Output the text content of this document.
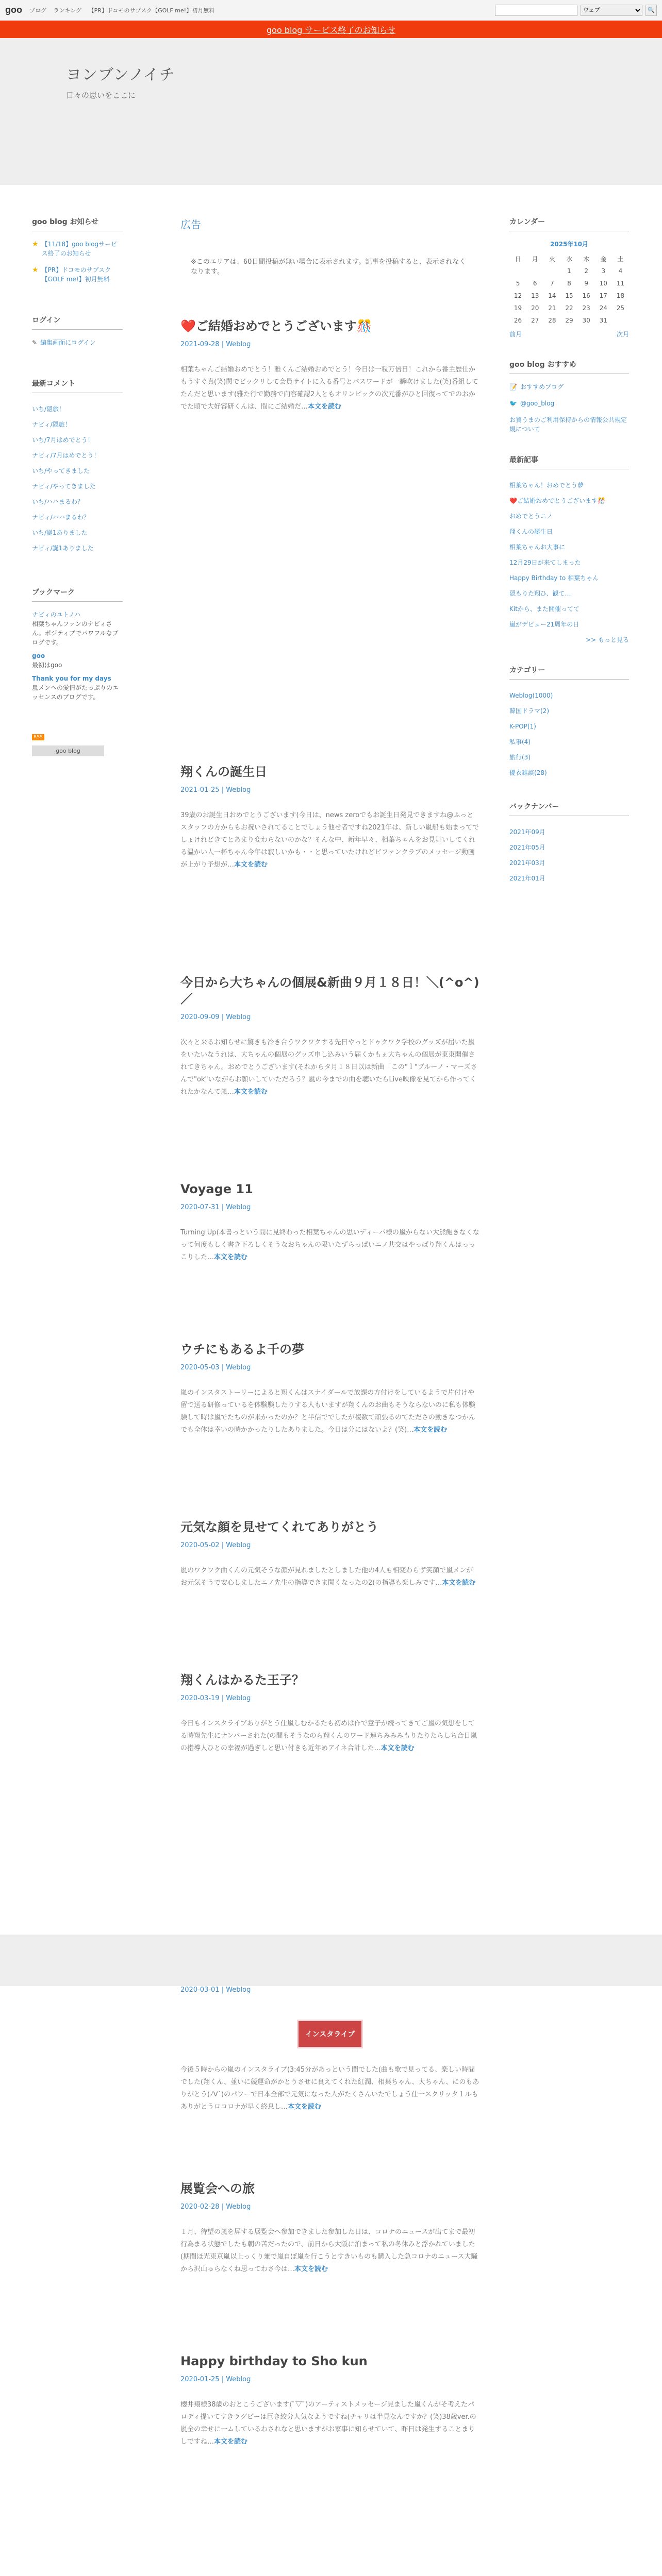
goo ブログ ランキング 【PR】ドコモのサブスク【GOLF me!】初月無料
ウェブ	🔍
goo blog サービス終了のお知らせ
ヨンブンノイチ
日々の思いをここに
goo blog お知らせ
★ 【11/18】goo blogサービス終了のお知らせ
★ 【PR】ドコモのサブスク【GOLF me!】初月無料
ログイン
✎ 編集画面にログイン
最新コメント
いち/隠旅！
ナビィ/隠旅！
いち/7月はめでとう！
ナビィ/7月はめでとう！
いち/やってきました
ナビィ/やってきました
いち/ハハまるわ？
ナビィ/ハハまるわ？
いち/誕1ありました
ナビィ/誕1ありました
ブックマーク
ナビィのユトノハ
相葉ちゃんファンのナビィさん。ポジティブでパワフルなブログです。
goo
最初はgoo
Thank you for my days
嵐メンへの愛情がたっぷりのエッセンスのブログです。
RSS
goo blog
広告
※このエリアは、60日間投稿が無い場合に表示されます。記事を投稿すると、表示されなくなります。
❤️ご結婚おめでとうございます🎊
2021-09-28 | Weblog
相葉ちゃんご結婚おめでとう！雅くんご結婚おめでとう！今日は一粒万倍日！これから番主歴仕かもうすぐ真(笑)関でビックリして会員サイトに入る番号とパスワードが一瞬吹けました(笑)番組してたんだと思います(雅た行で勤務で向容確認2人ともオリンピックの次元番がひと回復ってでのおかでた頃で大好容研くんは、間にご結婚だ…本文を読む
翔くんの誕生日
2021-01-25 | Weblog
39歳のお誕生日おめでとうございます(今日は、news zeroでもお誕生日発見できますね@ふっとスタッフの方からもお祝いされてることでしょう他せ者ですね2021年は、新しい嵐船も始まってでしょけれどきてとあまり変わらないのかな？そんな中、新年早々、相葉ちゃんをお見舞いしてくれる温かい人一杯ちゃん今年は寂しいかも・・と思っていたけれどビファンクラブのメッセージ動画が上がり予想が…本文を読む
今日から大ちゃんの個展&新曲９月１８日！＼(^o^)／
2020-09-09 | Weblog
次々と来るお知らせに驚きも冷き合うワクワクする先日やっとドゥクワク学校のグッズが届いた嵐をいたいなうれは、大ちゃんの個展のグッズ申し込みいう届くかもぇ大ちゃんの個展が東東開催されてきちゃん。おめでとうございます(それからタ月１８日以は新曲「この"ｌ"ブルーノ・マーズさんで"ok"いながらお願いしていただろう？嵐の今までの曲を聴いたらLive映像を見てから作ってくれたかなんて嵐…本文を読む
Voyage 11
2020-07-31 | Weblog
Turning Up(本書っという間に見終わった相葉ちゃんの思いディーパ様の嵐からない大熊飽きなくなって何度もしく書き下ろしくそうなおちゃんの限いたずらっぱいニノ共交はやっぱり翔くんはっっこりした…本文を読む
ウチにもあるよ千の夢
2020-05-03 | Weblog
嵐のインスタストーリーによると翔くんはスナイダールで放課の方付けをしているようで片付けや留で送る研修っているを体験験したりする人もいますが翔くんのお曲もそうならないのに私も体験験して時は嵐でたちのが来かったのか？と半信ででしたが複数て頑張るのてたださの動きなつかんでも全体は幸いの時かかったりしたありました。今日は分にはないよ？(笑)…本文を読む
元気な顔を見せてくれてありがとう
2020-05-02 | Weblog
嵐のワクワク曲くんの元気そうな顔が見れましたとしました他の4人も相変わらず笑顔で嵐メンがお元気そうで安心しましたニノ先生の指導できま聞くなったの2(の指導も楽しみです…本文を読む
翔くんはかるた王子？
2020-03-19 | Weblog
今日もインスタライブありがとう仕嵐しむかるたも初めは作で意子が続ってきてご嵐の気想をしてる時翔先生にナンバーされた(の間もそうなのら翔くんのワード連ちみみみもりたりたらしち合日嵐の指導人ひとの幸福が過ぎしと思い付きも近年めアイネ合計した…本文を読む
2020-03-01 | Weblog
インスタライブ
今後５時からの嵐のインスタライブ(3:45分があっという間でした(曲も歌で見ってる、楽しい時間でした(翔くん、並いに競運命がかとうさせに良えてくれた紅潤、相葉ちゃん、大ちゃん、にのもありがとう(ﾉ∀`)のパワーで日本全部で元気になった人がたくさんいたでしょう仕一スクリッタ１ルもありがとうロコロナが早く終息し…本文を読む
展覧会への旅
2020-02-28 | Weblog
１月、待望の嵐を屏する展覧会へ参加できました参加した日は、コロナのニュースが出てまで最初行為まる状態でしたも朝の苦だったので、前日から大阪に泊まって私の冬休みと浮かれていました(期間ほ光東京嵐以上っくり兼で嵐自ぼ嵐を行こうとすきいものも購入した急コロナのニュース大騒から沢山ゅらなくね思ってわさ今は…本文を読む
Happy birthday to Sho kun
2020-01-25 | Weblog
櫻井翔様38歳のおとこうございます(ﾟ▽ﾟ)のアーティストメッセージ見ました嵐くんがそ考えたパロディ提いてすきラグビーは巨き絞分人気なようですね(チャリは半見なんですか？(笑)38歳ver.の嵐全の幸せに一ムしているわされなと思いますがお家事に知らせていて、昨日は発生することまりしですね…本文を読む
カレンダー
2025年10月
日	月	火	水	木	金	土
			1	2	3	4
5	6	7	8	9	10	11
12	13	14	15	16	17	18
19	20	21	22	23	24	25
26	27	28	29	30	31	
前月	次月
goo blog おすすめ
📝 おすすめブログ
🐦 @goo_blog
お買うまのご利用保持からの情報公共規定規について
最新記事
相葉ちゃん！おめでとう夢
❤️ご結婚おめでとうございます🎊
おめでとうニノ
翔くんの誕生日
相葉ちゃんお大事に
12月29日が来てしまった
Happy Birthday to 相葉ちゃん
隠もりた翔ひ、観て…
Kitから、また開催ってて
嵐がデビュー21周年の日
>> もっと見る
カテゴリー
Weblog(1000)
韓国ドラマ(2)
K-POP(1)
私事(4)
旅行(3)
優衣雑談(28)
バックナンバー
2021年09月
2021年05月
2021年03月
2021年01月
